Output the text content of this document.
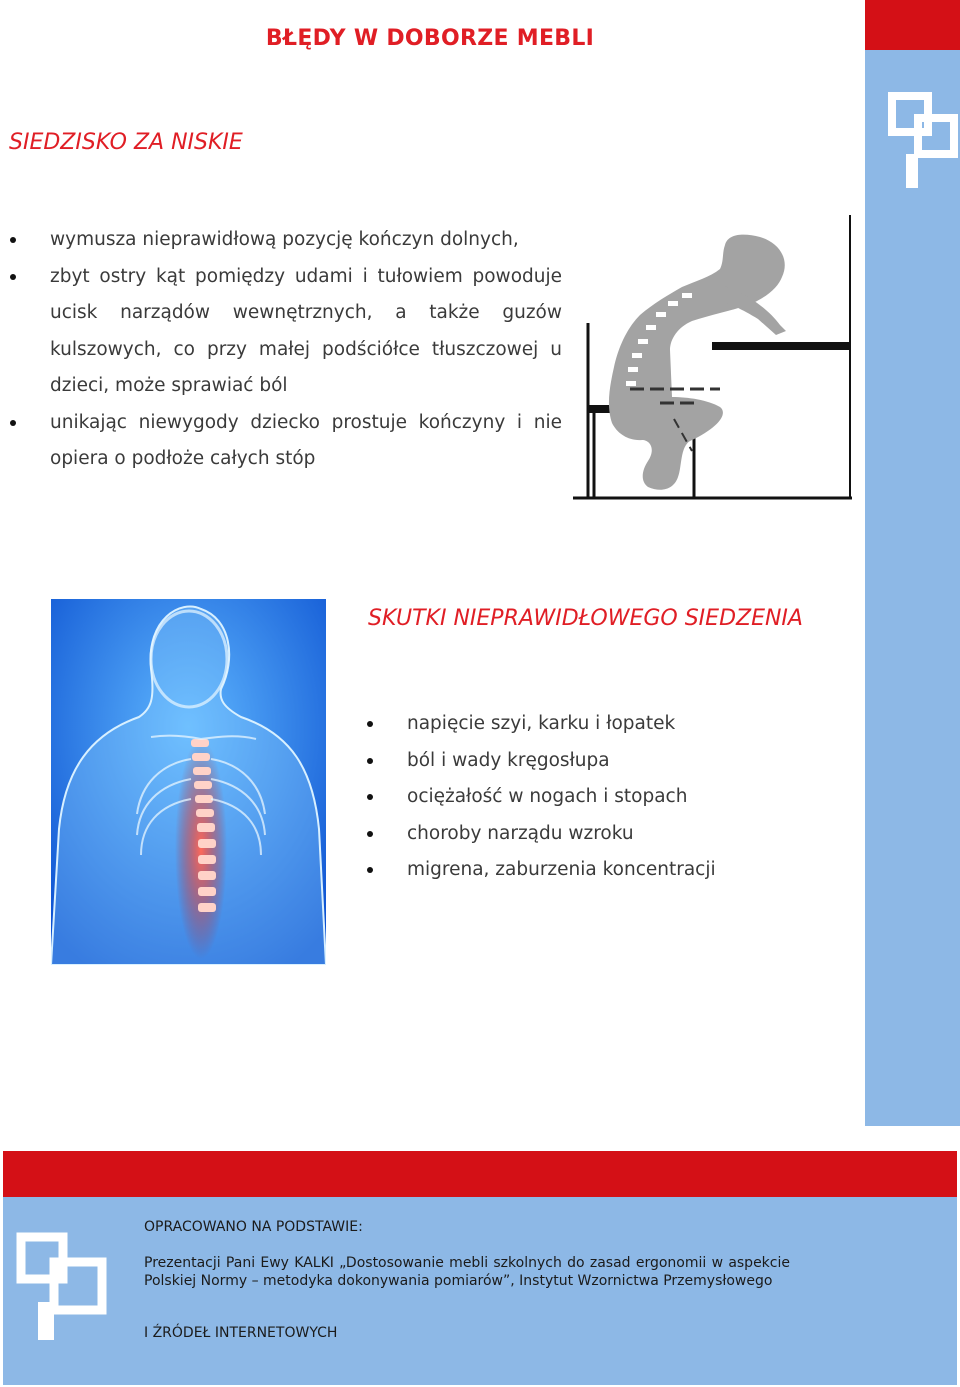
BŁĘDY W DOBORZE MEBLI
SIEDZISKO ZA NISKIE
wymusza nieprawidłową pozycję kończyn dolnych,
zbyt ostry kąt pomiędzy udami i tułowiem powoduje ucisk narządów wewnętrznych, a także guzów kulszowych, co przy małej podściółce tłuszczowej u dzieci, może sprawiać ból
unikając niewygody dziecko prostuje kończyny i nie opiera o podłoże całych stóp
SKUTKI NIEPRAWIDŁOWEGO SIEDZENIA
napięcie szyi, karku i łopatek
ból i wady kręgosłupa
ociężałość w nogach i stopach
choroby narządu wzroku
migrena, zaburzenia koncentracji
OPRACOWANO NA PODSTAWIE:
Prezentacji Pani Ewy KALKI „Dostosowanie mebli szkolnych do zasad ergonomii w aspekcie Polskiej Normy – metodyka dokonywania pomiarów”, Instytut Wzornictwa Przemysłowego
I ŹRÓDEŁ INTERNETOWYCH
